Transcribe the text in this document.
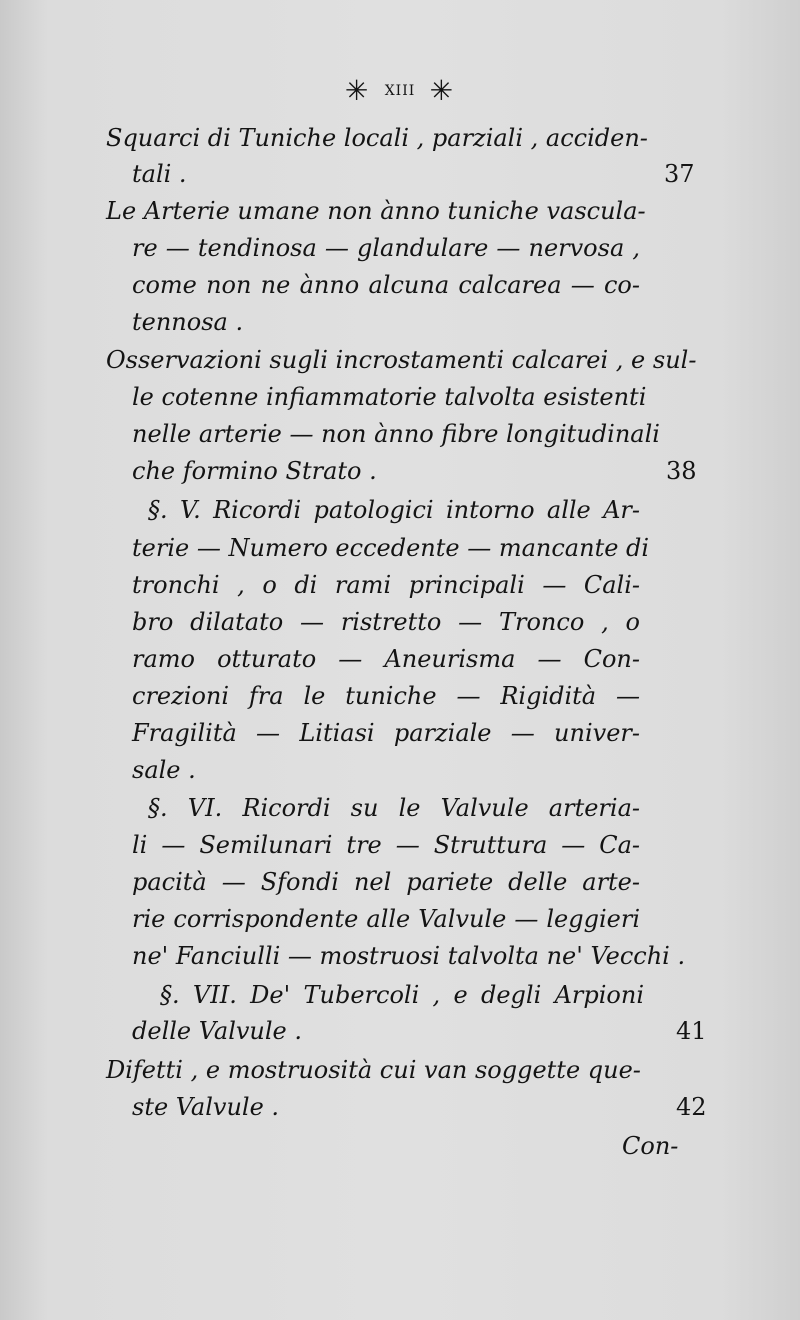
✳ XIII ✳
Squarci di Tuniche locali , parziali , acciden-
tali .
Le Arterie umane non ànno tuniche vascula-
re — tendinosa — glandulare — nervosa ,
come non ne ànno alcuna calcarea — co-
tennosa .
Osservazioni sugli incrostamenti calcarei , e sul-
le cotenne infiammatorie talvolta esistenti
nelle arterie — non ànno fibre longitudinali
che formino Strato .
§. V. Ricordi patologici intorno alle Ar-
terie — Numero eccedente — mancante di
tronchi , o di rami principali — Cali-
bro dilatato — ristretto — Tronco , o
ramo otturato — Aneurisma — Con-
crezioni fra le tuniche — Rigidità —
Fragilità — Litiasi parziale — univer-
sale .
§. VI. Ricordi su le Valvule arteria-
li — Semilunari tre — Struttura — Ca-
pacità — Sfondi nel pariete delle arte-
rie corrispondente alle Valvule — leggieri
ne' Fanciulli — mostruosi talvolta ne' Vecchi .
§. VII. De' Tubercoli , e degli Arpioni
delle Valvule .
Difetti , e mostruosità cui van soggette que-
ste Valvule .
Con-
37
38
41
42
